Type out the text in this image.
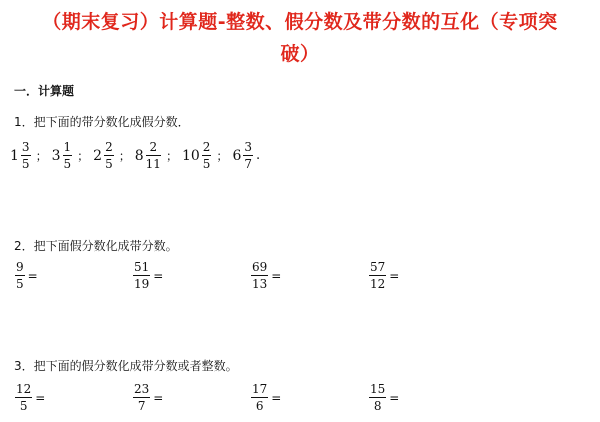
（期末复习）计算题-整数、假分数及带分数的互化（专项突
破）
一．计算题
1．把下面的带分数化成假分数．
$1 \frac{3}{5}$ ； $3 \frac{1}{5}$ ； $2 \frac{2}{5}$ ； $8 \frac{2}{11}$ ； $10 \frac{2}{5}$ ； $6 \frac{3}{7}$ .
2．把下面假分数化成带分数。
$\frac{9}{5}$ =	$\frac{51}{19}$ =	$\frac{69}{13}$ =	$\frac{57}{12}$ =
3．把下面的假分数化成带分数或者整数。
$\frac{12}{5}$ =	$\frac{23}{7}$ =	$\frac{17}{6}$ =	$\frac{15}{8}$ =
